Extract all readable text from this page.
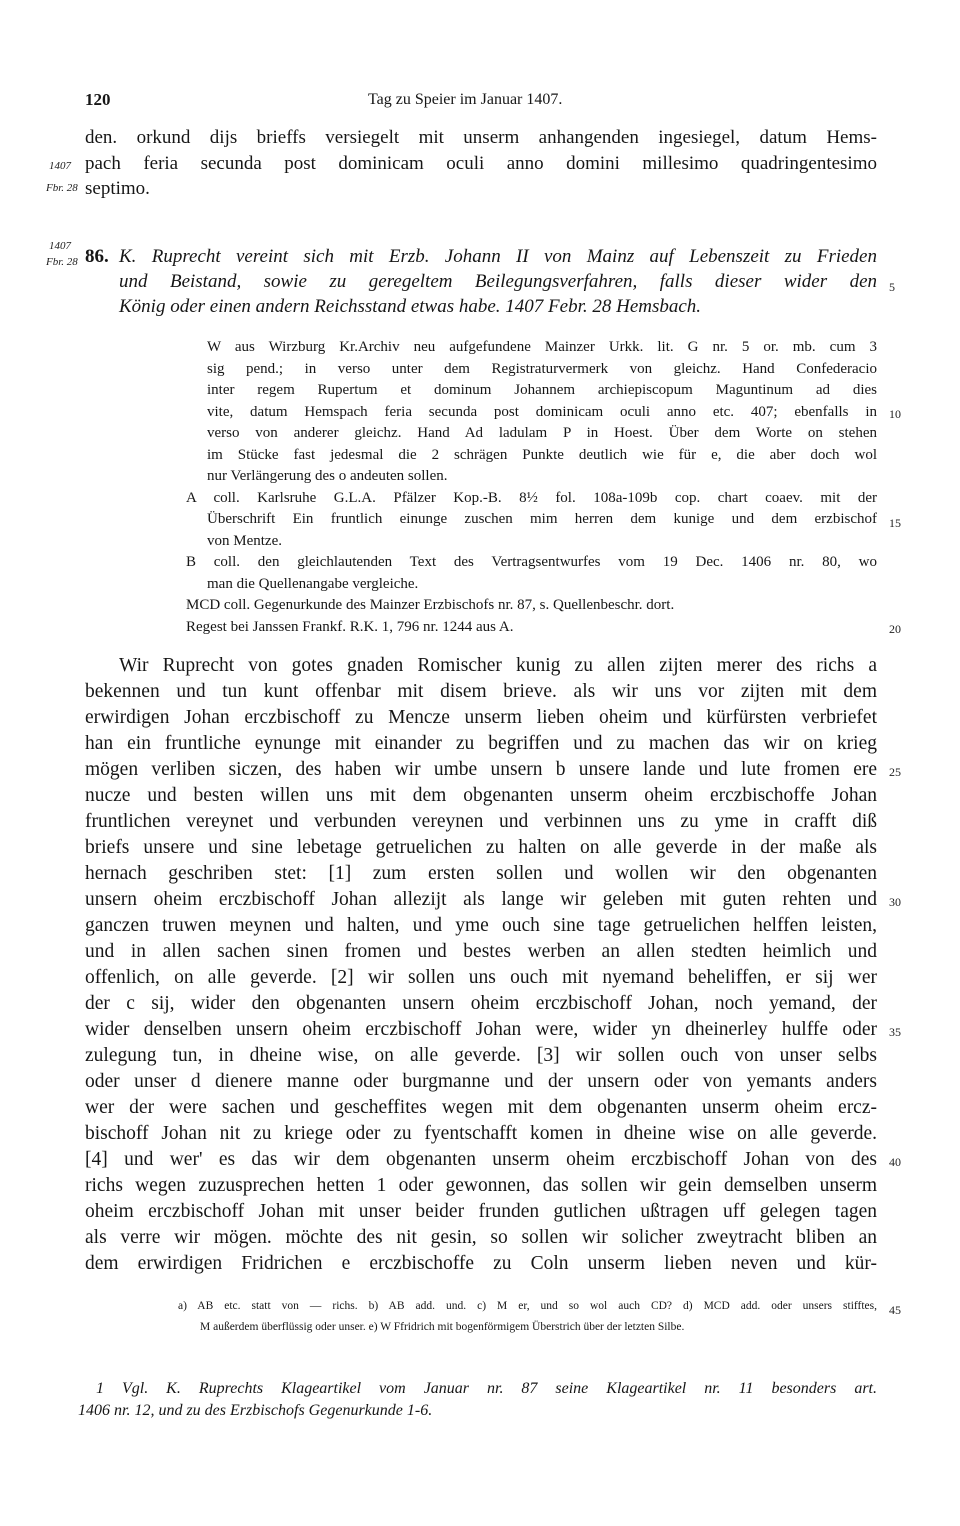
120	Tag zu Speier im Januar 1407.
den. orkund dijs brieffs versiegelt mit unserm anhangenden ingesiegel, datum Hems-
pach feria secunda post dominicam oculi anno domini millesimo quadringentesimo
septimo.
1407
Fbr. 28
1407
Fbr. 28 86. K. Ruprecht vereint sich mit Erzb. Johann II von Mainz auf Lebenszeit zu Frieden
und Beistand, sowie zu geregeltem Beilegungsverfahren, falls dieser wider den
König oder einen andern Reichsstand etwas habe. 1407 Febr. 28 Hemsbach.
W aus Wirzburg Kr.Archiv neu aufgefundene Mainzer Urkk. lit. G nr. 5 or. mb. cum 3
sig pend.; in verso unter dem Registraturvermerk von gleichz. Hand Confederacio
inter regem Rupertum et dominum Johannem archiepiscopum Maguntinum ad dies
vite, datum Hemspach feria secunda post dominicam oculi anno etc. 407; ebenfalls in
verso von anderer gleichz. Hand Ad ladulam P in Hoest. Über dem Worte on stehen
im Stücke fast jedesmal die 2 schrägen Punkte deutlich wie für e, die aber doch wol
nur Verlängerung des o andeuten sollen.
A coll. Karlsruhe G.L.A. Pfälzer Kop.-B. 8½ fol. 108a-109b cop. chart coaev. mit der
Überschrift Ein fruntlich einunge zuschen mim herren dem kunige und dem erzbischof
von Mentze.
B coll. den gleichlautenden Text des Vertragsentwurfes vom 19 Dec. 1406 nr. 80, wo
man die Quellenangabe vergleiche.
MCD coll. Gegenurkunde des Mainzer Erzbischofs nr. 87, s. Quellenbeschr. dort.
Regest bei Janssen Frankf. R.K. 1, 796 nr. 1244 aus A.
Wir Ruprecht von gotes gnaden Romischer kunig zu allen zijten merer des richs a
bekennen und tun kunt offenbar mit disem brieve. als wir uns vor zijten mit dem
erwirdigen Johan erczbischoff zu Mencze unserm lieben oheim und kürfürsten verbriefet
han ein fruntliche eynunge mit einander zu begriffen und zu machen das wir on krieg
mögen verliben siczen, des haben wir umbe unsern b unsere lande und lute fromen ere
nucze und besten willen uns mit dem obgenanten unserm oheim erczbischoffe Johan
fruntlichen vereynet und verbunden vereynen und verbinnen uns zu yme in crafft diß
briefs unsere und sine lebetage getruelichen zu halten on alle geverde in der maße als
hernach geschriben stet: [1] zum ersten sollen und wollen wir den obgenanten
unsern oheim erczbischoff Johan allezijt als lange wir geleben mit guten rehten und
ganczen truwen meynen und halten, und yme ouch sine tage getruelichen helffen leisten,
und in allen sachen sinen fromen und bestes werben an allen stedten heimlich und
offenlich, on alle geverde. [2] wir sollen uns ouch mit nyemand beheliffen, er sij wer
der c sij, wider den obgenanten unsern oheim erczbischoff Johan, noch yemand, der
wider denselben unsern oheim erczbischoff Johan were, wider yn dheinerley hulffe oder
zulegung tun, in dheine wise, on alle geverde. [3] wir sollen ouch von unser selbs
oder unser d dienere manne oder burgmanne und der unsern oder von yemants anders
wer der were sachen und gescheffites wegen mit dem obgenanten unserm oheim ercz-
bischoff Johan nit zu kriege oder zu fyentschafft komen in dheine wise on alle geverde.
[4] und wer' es das wir dem obgenanten unserm oheim erczbischoff Johan von des
richs wegen zuzusprechen hetten 1 oder gewonnen, das sollen wir gein demselben unserm
oheim erczbischoff Johan mit unser beider frunden gutlichen ußtragen uff gelegen tagen
als verre wir mögen. möchte des nit gesin, so sollen wir solicher zweytracht bliben an
dem erwirdigen Fridrichen e erczbischoffe zu Coln unserm lieben neven und kür-
a) AB etc. statt von — richs. b) AB add. und. c) M er, und so wol auch CD? d) MCD add. oder unsers stifftes,
M außerdem überflüssig oder unser. e) W Ffridrich mit bogenförmigem Überstrich über der letzten Silbe.
1 Vgl. K. Ruprechts Klageartikel vom Januar nr. 87 seine Klageartikel nr. 11 besonders art.
1406 nr. 12, und zu des Erzbischofs Gegenurkunde 1-6.
5
10
15
20
25
30
35
40
45
